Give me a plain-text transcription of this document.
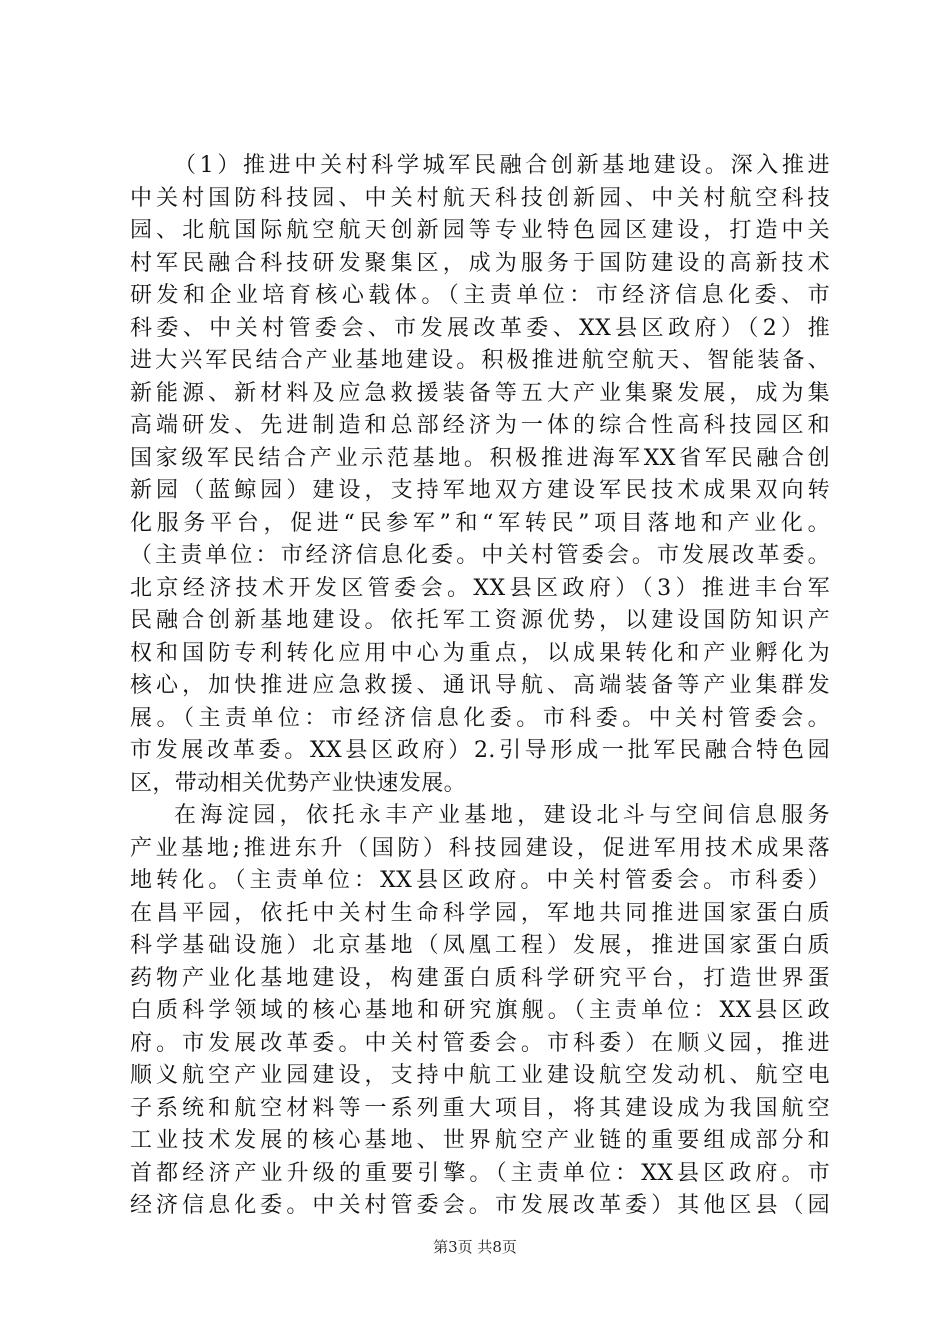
（1）推进中关村科学城军民融合创新基地建设。深入推进
中关村国防科技园、中关村航天科技创新园、中关村航空科技
园、北航国际航空航天创新园等专业特色园区建设，打造中关
村军民融合科技研发聚集区，成为服务于国防建设的高新技术
研发和企业培育核心载体。（主责单位：市经济信息化委、市
科委、中关村管委会、市发展改革委、XX县区政府）（2）推
进大兴军民结合产业基地建设。积极推进航空航天、智能装备、
新能源、新材料及应急救援装备等五大产业集聚发展，成为集
高端研发、先进制造和总部经济为一体的综合性高科技园区和
国家级军民结合产业示范基地。积极推进海军XX省军民融合创
新园（蓝鲸园）建设，支持军地双方建设军民技术成果双向转
化服务平台，促进“民参军”和“军转民”项目落地和产业化。
（主责单位：市经济信息化委。中关村管委会。市发展改革委。
北京经济技术开发区管委会。XX县区政府）（3）推进丰台军
民融合创新基地建设。依托军工资源优势，以建设国防知识产
权和国防专利转化应用中心为重点，以成果转化和产业孵化为
核心，加快推进应急救援、通讯导航、高端装备等产业集群发
展。（主责单位：市经济信息化委。市科委。中关村管委会。
市发展改革委。XX县区政府）2.引导形成一批军民融合特色园
区，带动相关优势产业快速发展。
在海淀园，依托永丰产业基地，建设北斗与空间信息服务
产业基地;推进东升（国防）科技园建设，促进军用技术成果落
地转化。（主责单位：XX县区政府。中关村管委会。市科委）
在昌平园，依托中关村生命科学园，军地共同推进国家蛋白质
科学基础设施）北京基地（凤凰工程）发展，推进国家蛋白质
药物产业化基地建设，构建蛋白质科学研究平台，打造世界蛋
白质科学领域的核心基地和研究旗舰。（主责单位：XX县区政
府。市发展改革委。中关村管委会。市科委）在顺义园，推进
顺义航空产业园建设，支持中航工业建设航空发动机、航空电
子系统和航空材料等一系列重大项目，将其建设成为我国航空
工业技术发展的核心基地、世界航空产业链的重要组成部分和
首都经济产业升级的重要引擎。（主责单位：XX县区政府。市
经济信息化委。中关村管委会。市发展改革委）其他区县（园
第3页 共8页
